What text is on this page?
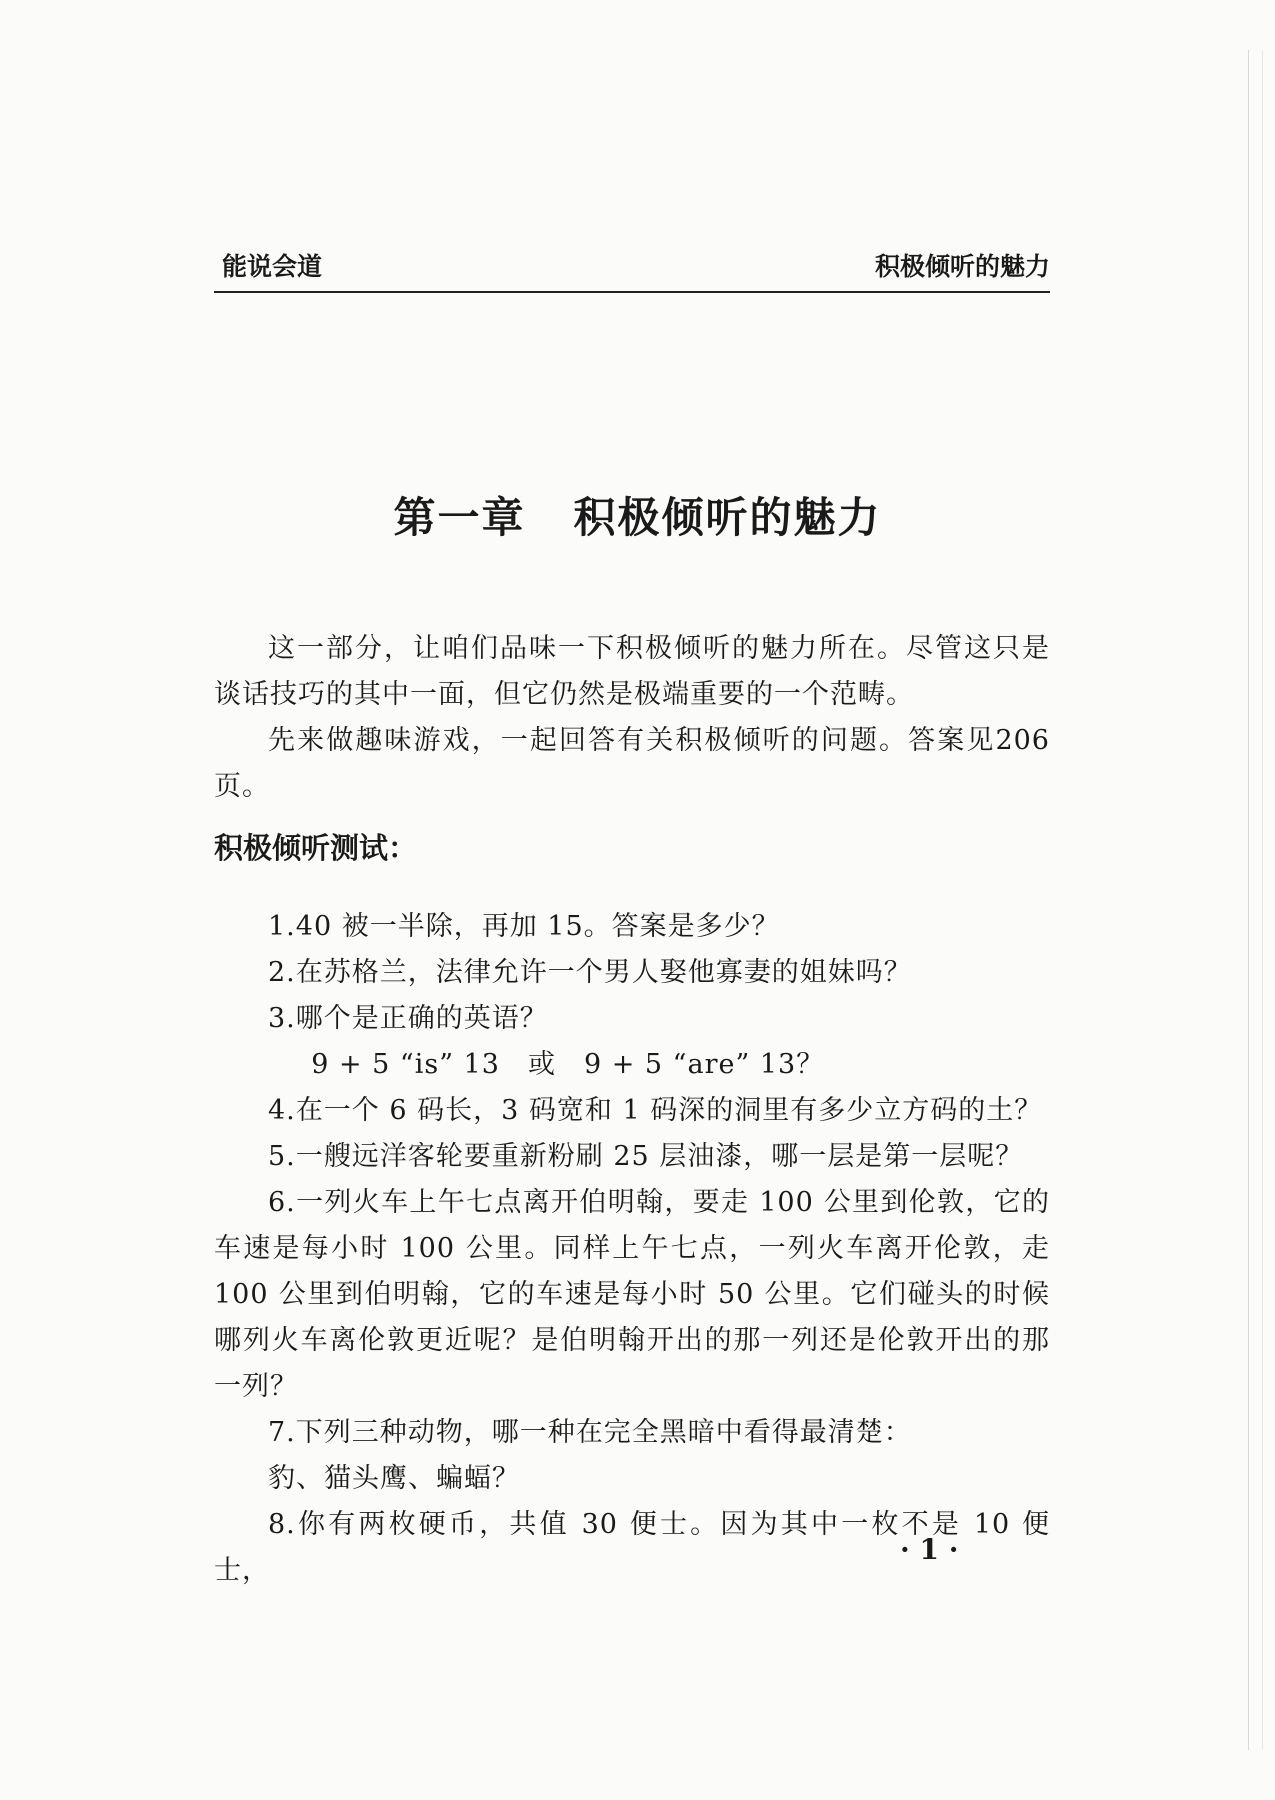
能说会道	积极倾听的魅力
第一章 积极倾听的魅力

这一部分，让咱们品味一下积极倾听的魅力所在。尽管这只是谈话技巧的其中一面，但它仍然是极端重要的一个范畴。

先来做趣味游戏，一起回答有关积极倾听的问题。答案见206页。

积极倾听测试：

1.40 被一半除，再加 15。答案是多少？

2.在苏格兰，法律允许一个男人娶他寡妻的姐妹吗？

3.哪个是正确的英语？

9 + 5 “is” 13　或　9 + 5 “are” 13？

4.在一个 6 码长，3 码宽和 1 码深的洞里有多少立方码的土？

5.一艘远洋客轮要重新粉刷 25 层油漆，哪一层是第一层呢？

6.一列火车上午七点离开伯明翰，要走 100 公里到伦敦，它的车速是每小时 100 公里。同样上午七点，一列火车离开伦敦，走 100 公里到伯明翰，它的车速是每小时 50 公里。它们碰头的时候哪列火车离伦敦更近呢？是伯明翰开出的那一列还是伦敦开出的那一列？

7.下列三种动物，哪一种在完全黑暗中看得最清楚：

豹、猫头鹰、蝙蝠？

8.你有两枚硬币，共值 30 便士。因为其中一枚不是 10 便士，

· 1 ·
